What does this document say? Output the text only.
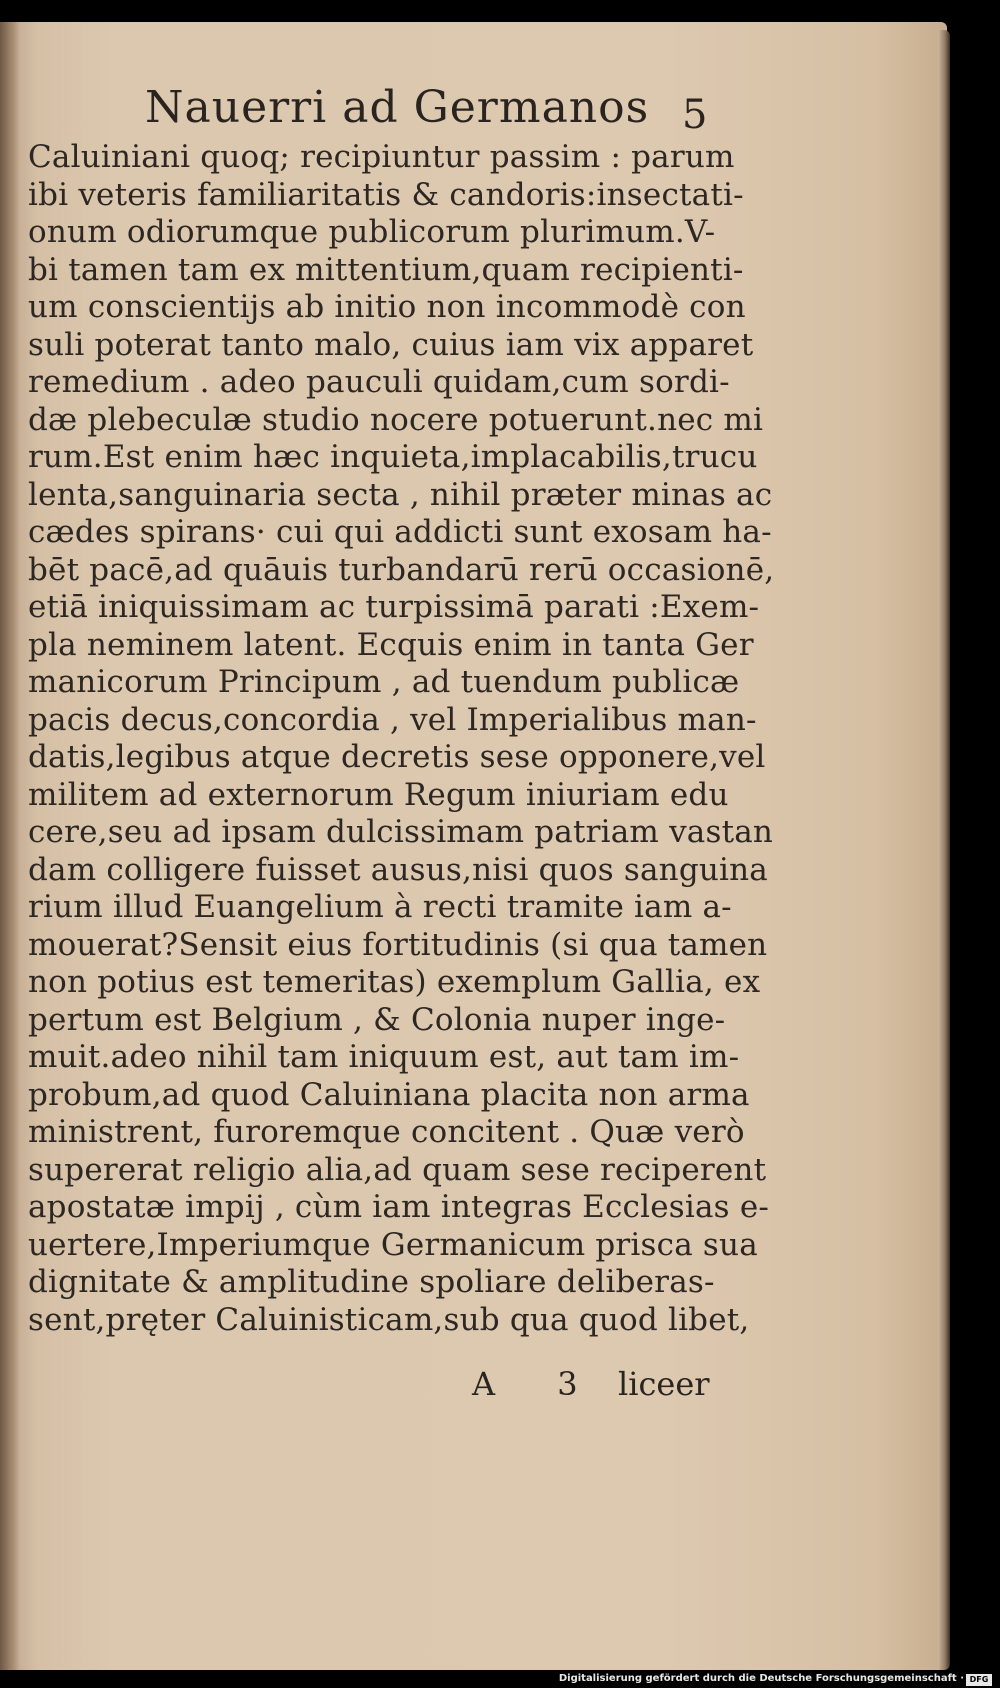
Nauerri ad Germanos 5
Caluiniani quoq; recipiuntur passim : parum
ibi veteris familiaritatis & candoris:insectati-
onum odiorumque publicorum plurimum.V-
bi tamen tam ex mittentium,quam recipienti-
um conscientijs ab initio non incommodè con
suli poterat tanto malo, cuius iam vix apparet
remedium . adeo pauculi quidam,cum sordi-
dæ plebeculæ studio nocere potuerunt.nec mi
rum.Est enim hæc inquieta,implacabilis,trucu
lenta,sanguinaria secta , nihil præter minas ac
cædes spirans· cui qui addicti sunt exosam ha-
bēt pacē,ad quāuis turbandarū rerū occasionē,
etiā iniquissimam ac turpissimā parati :Exem-
pla neminem latent. Ecquis enim in tanta Ger
manicorum Principum , ad tuendum publicæ
pacis decus,concordia , vel Imperialibus man-
datis,legibus atque decretis sese opponere,vel
militem ad externorum Regum iniuriam edu
cere,seu ad ipsam dulcissimam patriam vastan
dam colligere fuisset ausus,nisi quos sanguina
rium illud Euangelium à recti tramite iam a-
mouerat?Sensit eius fortitudinis (si qua tamen
non potius est temeritas) exemplum Gallia, ex
pertum est Belgium , & Colonia nuper inge-
muit.adeo nihil tam iniquum est, aut tam im-
probum,ad quod Caluiniana placita non arma
ministrent, furoremque concitent . Quæ verò
supererat religio alia,ad quam sese reciperent
apostatæ impij , cùm iam integras Ecclesias e-
uertere,Imperiumque Germanicum prisca sua
dignitate & amplitudine spoliare deliberas-
sent,pręter Caluinisticam,sub qua quod libet,
A 3 liceer
Digitalisierung gefördert durch die Deutsche Forschungsgemeinschaft · DFG
